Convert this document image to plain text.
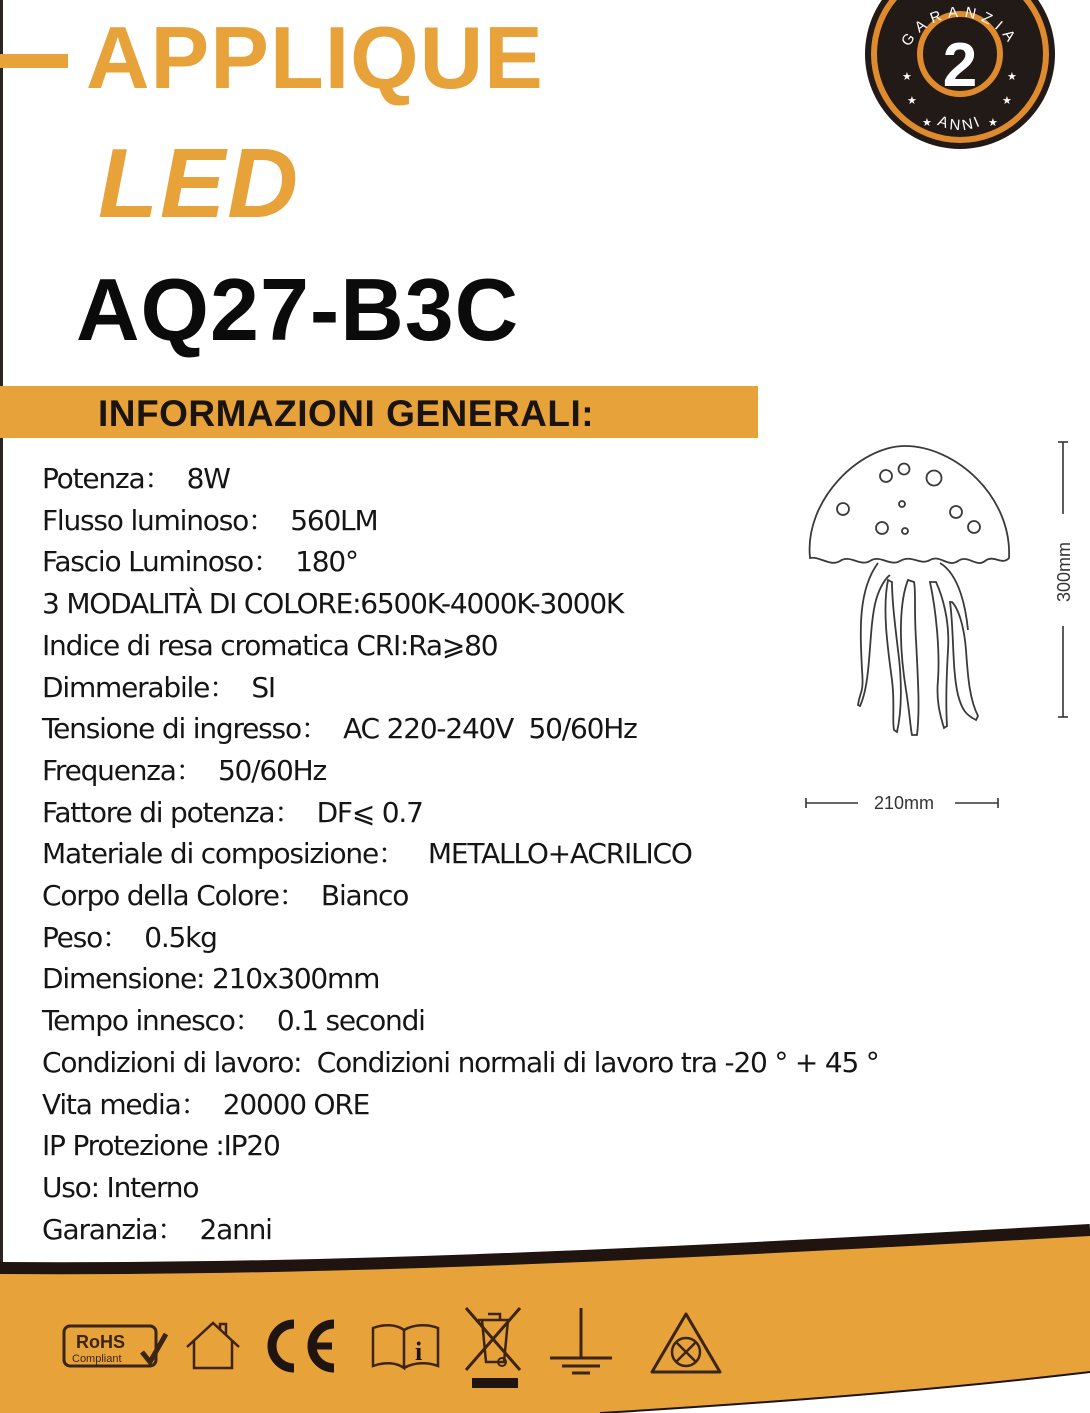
APPLIQUE
LED
AQ27-B3C
GARANZIA
2
ANNI
★
★
★
★
★
★
INFORMAZIONI GENERALI:
Potenza：  8W
Flusso luminoso：  560LM
Fascio Luminoso：  180°
3 MODALITÀ DI COLORE:6500K-4000K-3000K
Indice di resa cromatica CRI:Ra⩾80
Dimmerabile：  SI
Tensione di ingresso：  AC 220-240V  50/60Hz
Frequenza：  50/60Hz
Fattore di potenza：  DF⩽ 0.7
Materiale di composizione：   METALLO+ACRILICO
Corpo della Colore：  Bianco
Peso：  0.5kg
Dimensione: 210x300mm
Tempo innesco：  0.1 secondi
Condizioni di lavoro:  Condizioni normali di lavoro tra -20 ° + 45 °
Vita media：  20000 ORE
IP Protezione :IP20
Uso: Interno
Garanzia：  2anni
300mm
210mm
RoHS
Compliant	i
